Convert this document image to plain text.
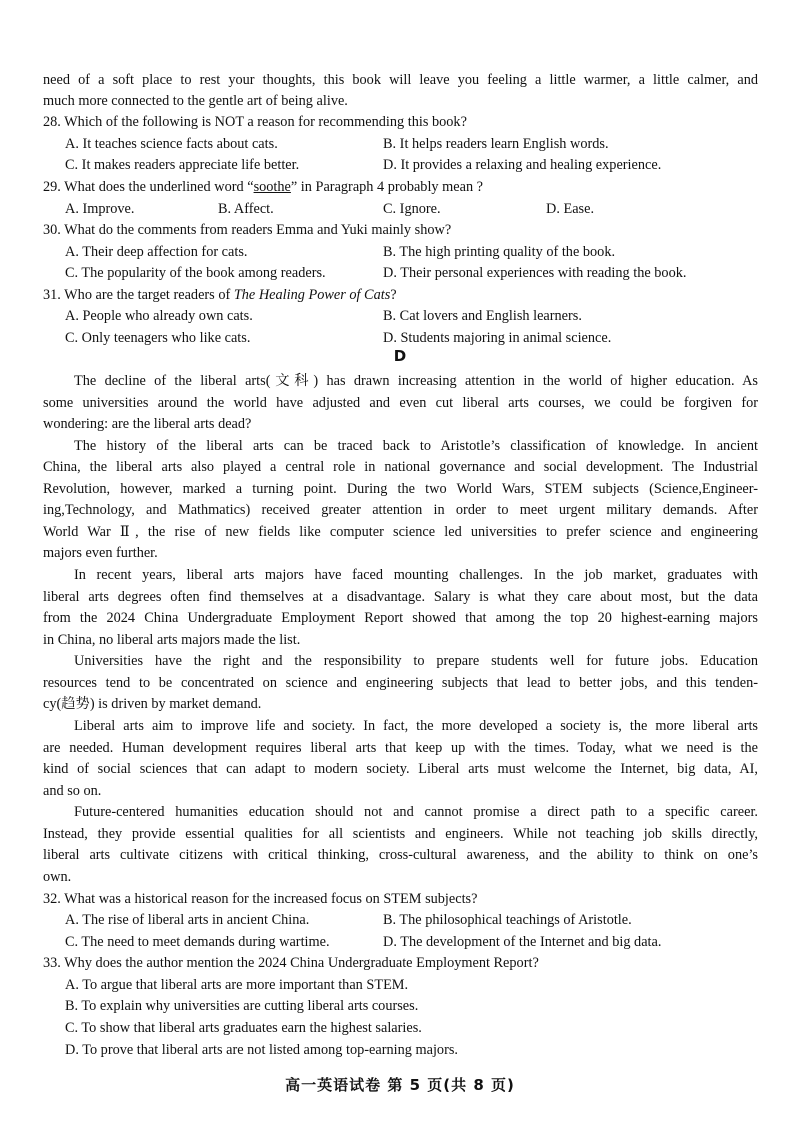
need of a soft place to rest your thoughts, this book will leave you feeling a little warmer, a little calmer, and
much more connected to the gentle art of being alive.
28. Which of the following is NOT a reason for recommending this book?
A. It teaches science facts about cats.	B. It helps readers learn English words.
C. It makes readers appreciate life better.	D. It provides a relaxing and healing experience.
29. What does the underlined word “soothe” in Paragraph 4 probably mean ?
A. Improve.	B. Affect.	C. Ignore.	D. Ease.
30. What do the comments from readers Emma and Yuki mainly show?
A. Their deep affection for cats.	B. The high printing quality of the book.
C. The popularity of the book among readers.	D. Their personal experiences with reading the book.
31. Who are the target readers of The Healing Power of Cats?
A. People who already own cats.	B. Cat lovers and English learners.
C. Only teenagers who like cats.	D. Students majoring in animal science.
D
The decline of the liberal arts(文科) has drawn increasing attention in the world of higher education. As
some universities around the world have adjusted and even cut liberal arts courses, we could be forgiven for
wondering: are the liberal arts dead?
The history of the liberal arts can be traced back to Aristotle’s classification of knowledge. In ancient
China, the liberal arts also played a central role in national governance and social development. The Industrial
Revolution, however, marked a turning point. During the two World Wars, STEM subjects (Science,Engineer-
ing,Technology, and Mathmatics) received greater attention in order to meet urgent military demands. After
World War Ⅱ, the rise of new fields like computer science led universities to prefer science and engineering
majors even further.
In recent years, liberal arts majors have faced mounting challenges. In the job market, graduates with
liberal arts degrees often find themselves at a disadvantage. Salary is what they care about most, but the data
from the 2024 China Undergraduate Employment Report showed that among the top 20 highest-earning majors
in China, no liberal arts majors made the list.
Universities have the right and the responsibility to prepare students well for future jobs. Education
resources tend to be concentrated on science and engineering subjects that lead to better jobs, and this tenden-
cy(趋势) is driven by market demand.
Liberal arts aim to improve life and society. In fact, the more developed a society is, the more liberal arts
are needed. Human development requires liberal arts that keep up with the times. Today, what we need is the
kind of social sciences that can adapt to modern society. Liberal arts must welcome the Internet, big data, AI,
and so on.
Future-centered humanities education should not and cannot promise a direct path to a specific career.
Instead, they provide essential qualities for all scientists and engineers. While not teaching job skills directly,
liberal arts cultivate citizens with critical thinking, cross-cultural awareness, and the ability to think on one’s
own.
32. What was a historical reason for the increased focus on STEM subjects?
A. The rise of liberal arts in ancient China.	B. The philosophical teachings of Aristotle.
C. The need to meet demands during wartime.	D. The development of the Internet and big data.
33. Why does the author mention the 2024 China Undergraduate Employment Report?
A. To argue that liberal arts are more important than STEM.
B. To explain why universities are cutting liberal arts courses.
C. To show that liberal arts graduates earn the highest salaries.
D. To prove that liberal arts are not listed among top-earning majors.
高一英语试卷 第 5 页(共 8 页)
